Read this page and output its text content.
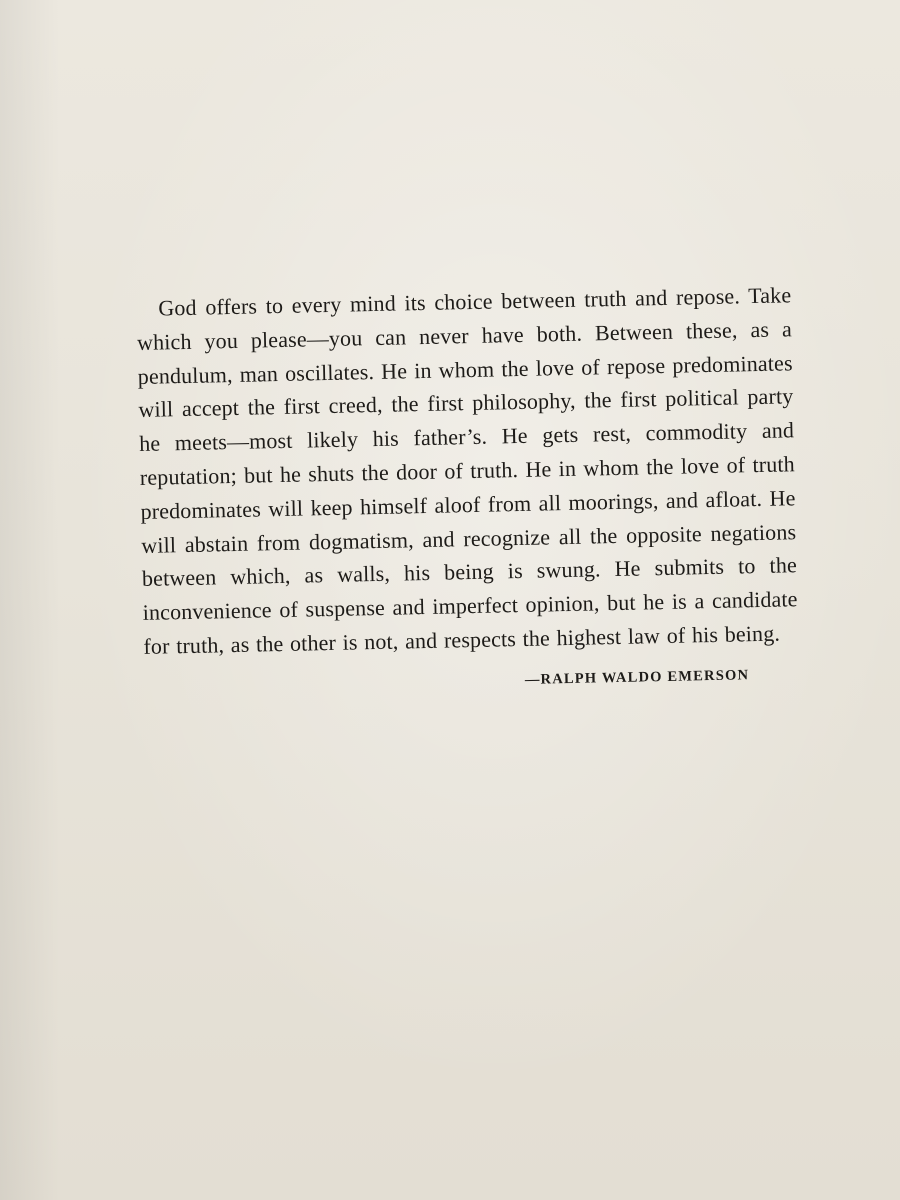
God offers to every mind its choice between truth and repose. Take which you please—you can never have both. Between these, as a pendulum, man oscillates. He in whom the love of repose predominates will accept the first creed, the first philosophy, the first political party he meets—most likely his father’s. He gets rest, commodity and reputation; but he shuts the door of truth. He in whom the love of truth predominates will keep himself aloof from all moorings, and afloat. He will abstain from dogmatism, and recognize all the opposite negations between which, as walls, his being is swung. He submits to the inconvenience of suspense and imperfect opinion, but he is a candidate for truth, as the other is not, and respects the highest law of his being.

—RALPH WALDO EMERSON
